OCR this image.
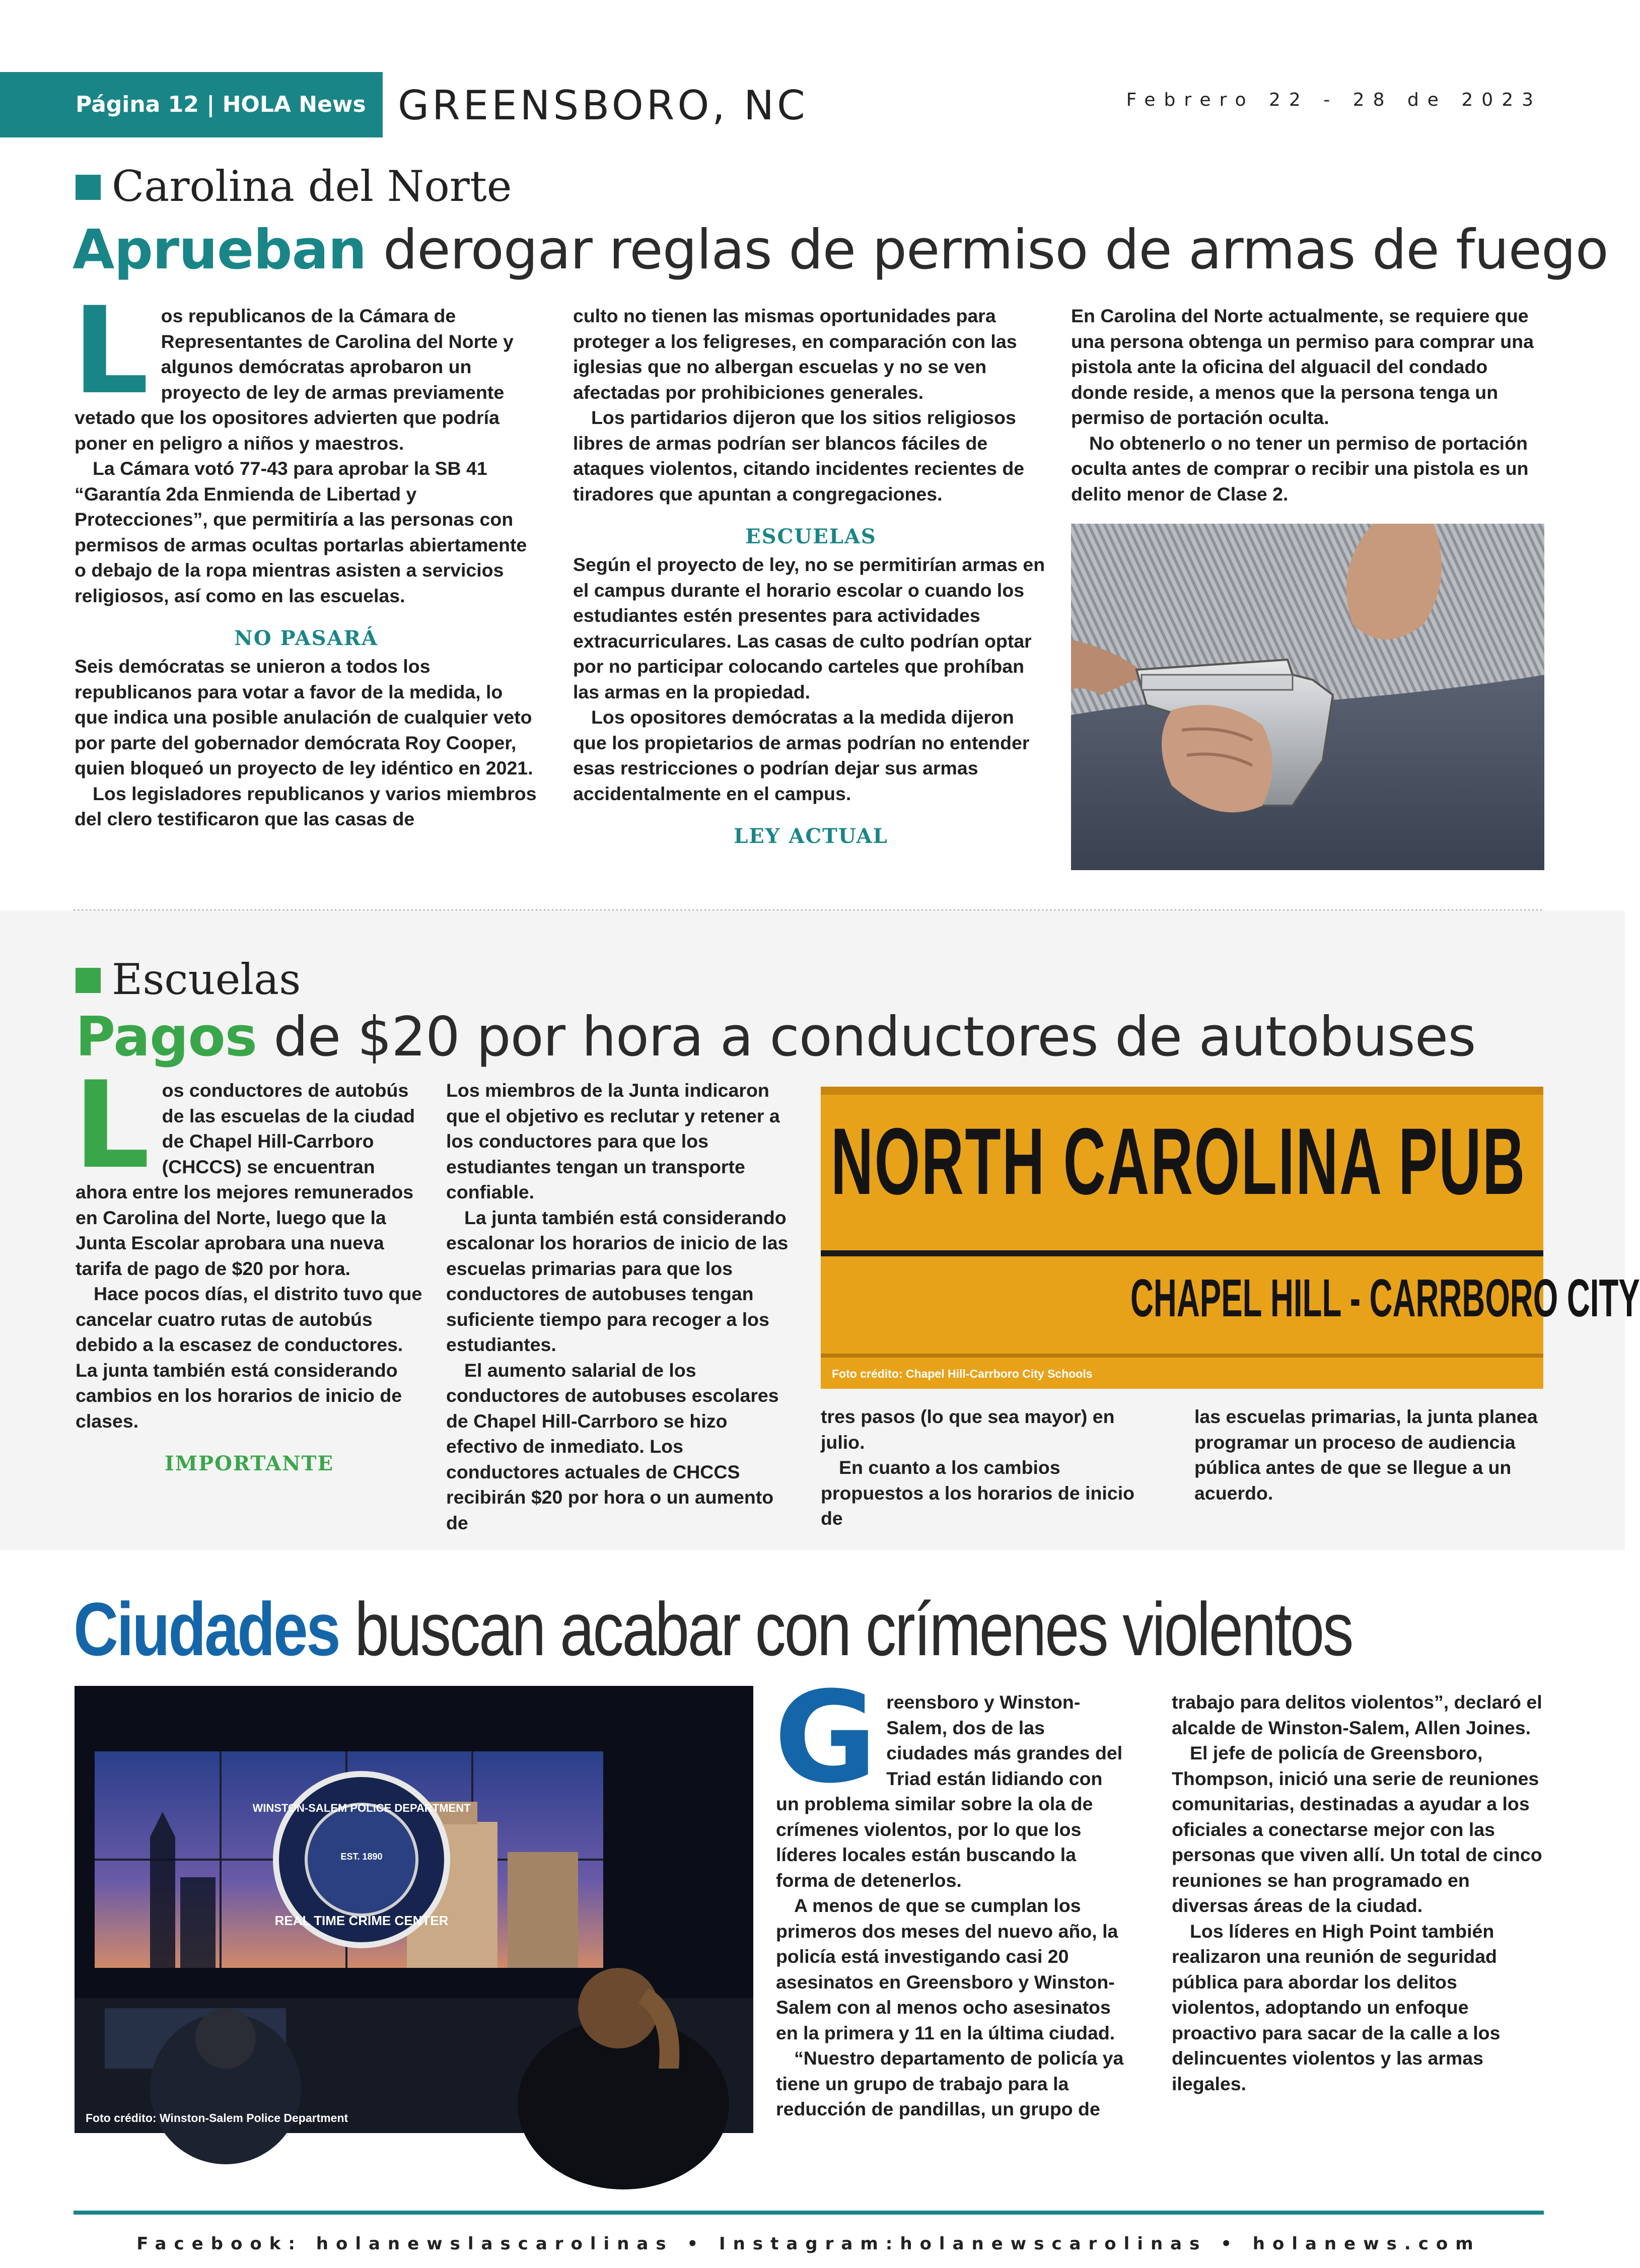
Página 12 | HOLA News GREENSBORO, NC	Febrero 22 - 28 de 2023
Carolina del Norte
Aprueban derogar reglas de permiso de armas de fuego
L os republicanos de la Cámara de Representantes de Carolina del Norte y algunos demócratas aprobaron un proyecto de ley de armas previamente vetado que los opositores advierten que podría poner en peligro a niños y maestros.

La Cámara votó 77-43 para aprobar la SB 41 “Garantía 2da Enmienda de Libertad y Protecciones”, que permitiría a las personas con permisos de armas ocultas portarlas abiertamente o debajo de la ropa mientras asisten a servicios religiosos, así como en las escuelas.

NO PASARÁ

Seis demócratas se unieron a todos los republicanos para votar a favor de la medida, lo que indica una posible anulación de cualquier veto por parte del gobernador demócrata Roy Cooper, quien bloqueó un proyecto de ley idéntico en 2021.

Los legisladores republicanos y varios miembros del clero testificaron que las casas de

culto no tienen las mismas oportunidades para proteger a los feligreses, en comparación con las iglesias que no albergan escuelas y no se ven afectadas por prohibiciones generales.

Los partidarios dijeron que los sitios religiosos libres de armas podrían ser blancos fáciles de ataques violentos, citando incidentes recientes de tiradores que apuntan a congregaciones.

ESCUELAS

Según el proyecto de ley, no se permitirían armas en el campus durante el horario escolar o cuando los estudiantes estén presentes para actividades extracurriculares. Las casas de culto podrían optar por no participar colocando carteles que prohíban las armas en la propiedad.

Los opositores demócratas a la medida dijeron que los propietarios de armas podrían no entender esas restricciones o podrían dejar sus armas accidentalmente en el campus.

LEY ACTUAL

En Carolina del Norte actualmente, se requiere que una persona obtenga un permiso para comprar una pistola ante la oficina del alguacil del condado donde reside, a menos que la persona tenga un permiso de portación oculta.

No obtenerlo o no tener un permiso de portación oculta antes de comprar o recibir una pistola es un delito menor de Clase 2.

Escuelas
Pagos de $20 por hora a conductores de autobuses
L os conductores de autobús de las escuelas de la ciudad de Chapel Hill-Carrboro (CHCCS) se encuentran ahora entre los mejores remunerados en Carolina del Norte, luego que la Junta Escolar aprobara una nueva tarifa de pago de $20 por hora.

Hace pocos días, el distrito tuvo que cancelar cuatro rutas de autobús debido a la escasez de conductores. La junta también está considerando cambios en los horarios de inicio de clases.

IMPORTANTE

Los miembros de la Junta indicaron que el objetivo es reclutar y retener a los conductores para que los estudiantes tengan un transporte confiable.

La junta también está considerando escalonar los horarios de inicio de las escuelas primarias para que los conductores de autobuses tengan suficiente tiempo para recoger a los estudiantes.

El aumento salarial de los conductores de autobuses escolares de Chapel Hill-Carrboro se hizo efectivo de inmediato. Los conductores actuales de CHCCS recibirán $20 por hora o un aumento de

NORTH CAROLINA PUB
CHAPEL HILL - CARRBORO CITY
Foto crédito: Chapel Hill-Carrboro City Schools

tres pasos (lo que sea mayor) en julio.

En cuanto a los cambios propuestos a los horarios de inicio de

las escuelas primarias, la junta planea programar un proceso de audiencia pública antes de que se llegue a un acuerdo.

Ciudades buscan acabar con crímenes violentos
WINSTON-SALEM POLICE DEPARTMENT
EST. 1890
REAL TIME CRIME CENTER
Foto crédito: Winston-Salem Police Department
G reensboro y Winston-Salem, dos de las ciudades más grandes del Triad están lidiando con un problema similar sobre la ola de crímenes violentos, por lo que los líderes locales están buscando la forma de detenerlos.

A menos de que se cumplan los primeros dos meses del nuevo año, la policía está investigando casi 20 asesinatos en Greensboro y Winston-Salem con al menos ocho asesinatos en la primera y 11 en la última ciudad.

“Nuestro departamento de policía ya tiene un grupo de trabajo para la reducción de pandillas, un grupo de

trabajo para delitos violentos”, declaró el alcalde de Winston-Salem, Allen Joines.

El jefe de policía de Greensboro, Thompson, inició una serie de reuniones comunitarias, destinadas a ayudar a los oficiales a conectarse mejor con las personas que viven allí. Un total de cinco reuniones se han programado en diversas áreas de la ciudad.

Los líderes en High Point también realizaron una reunión de seguridad pública para abordar los delitos violentos, adoptando un enfoque proactivo para sacar de la calle a los delincuentes violentos y las armas ilegales.

Facebook: holanewslascarolinas • Instagram:holanewscarolinas • holanews.com
